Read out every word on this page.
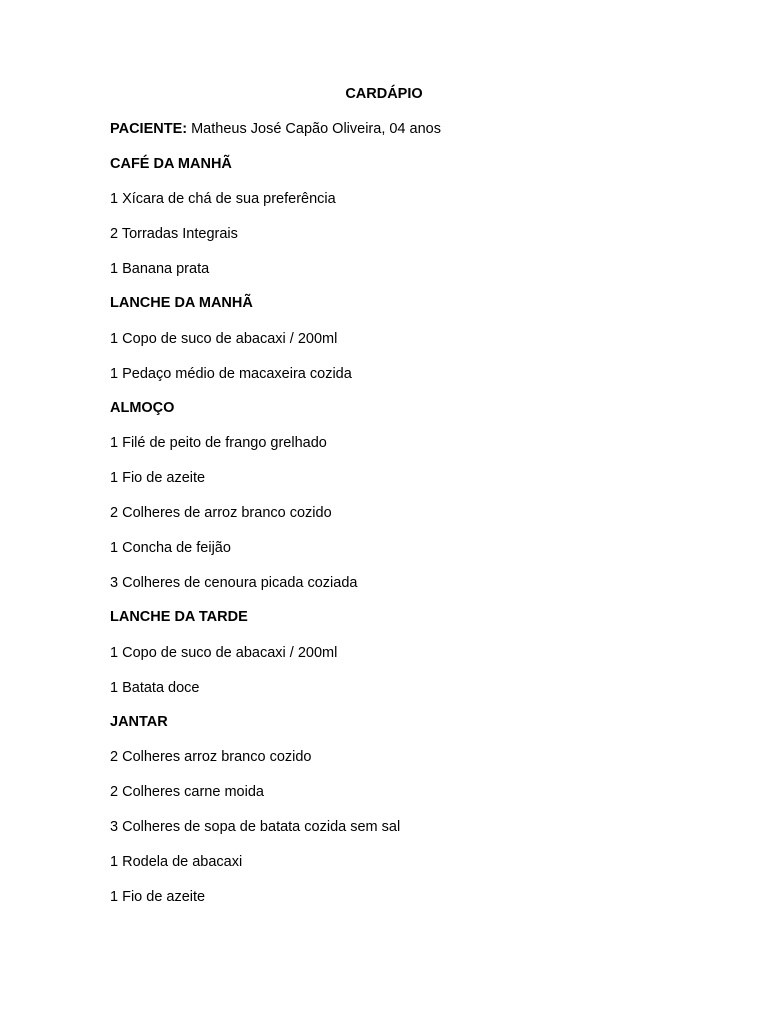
CARDÁPIO
PACIENTE: Matheus José Capão Oliveira, 04 anos
CAFÉ DA MANHÃ
1 Xícara de chá de sua preferência
2 Torradas Integrais
1 Banana prata
LANCHE DA MANHÃ
1 Copo de suco de abacaxi / 200ml
1 Pedaço médio de macaxeira cozida
ALMOÇO
1 Filé de peito de frango grelhado
1 Fio de azeite
2 Colheres de arroz branco cozido
1 Concha de feijão
3 Colheres de cenoura picada coziada
LANCHE DA TARDE
1 Copo de suco de abacaxi / 200ml
1 Batata doce
JANTAR
2 Colheres arroz branco cozido
2 Colheres carne moida
3 Colheres de sopa de batata cozida sem sal
1 Rodela de abacaxi
1 Fio de azeite
